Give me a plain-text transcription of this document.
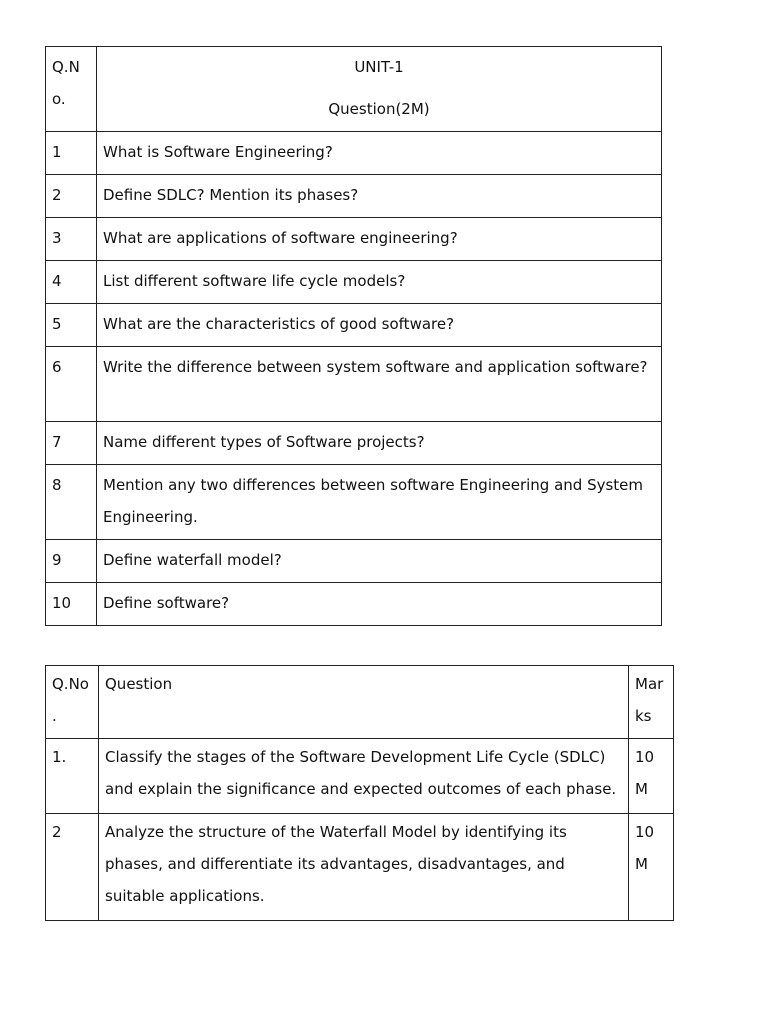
Q.N o.	UNIT-1
Question(2M)

1	What is Software Engineering?
2	Define SDLC? Mention its phases?
3	What are applications of software engineering?
4	List different software life cycle models?
5	What are the characteristics of good software?
6	Write the difference between system software and application software?
7	Name different types of Software projects?
8	Mention any two differences between software Engineering and System Engineering.
9	Define waterfall model?
10	Define software?
Q.No .	Question	Mar ks
1.	Classify the stages of the Software Development Life Cycle (SDLC) and explain the significance and expected outcomes of each phase.	10 M
2	Analyze the structure of the Waterfall Model by identifying its phases, and differentiate its advantages, disadvantages, and suitable applications.	10 M
